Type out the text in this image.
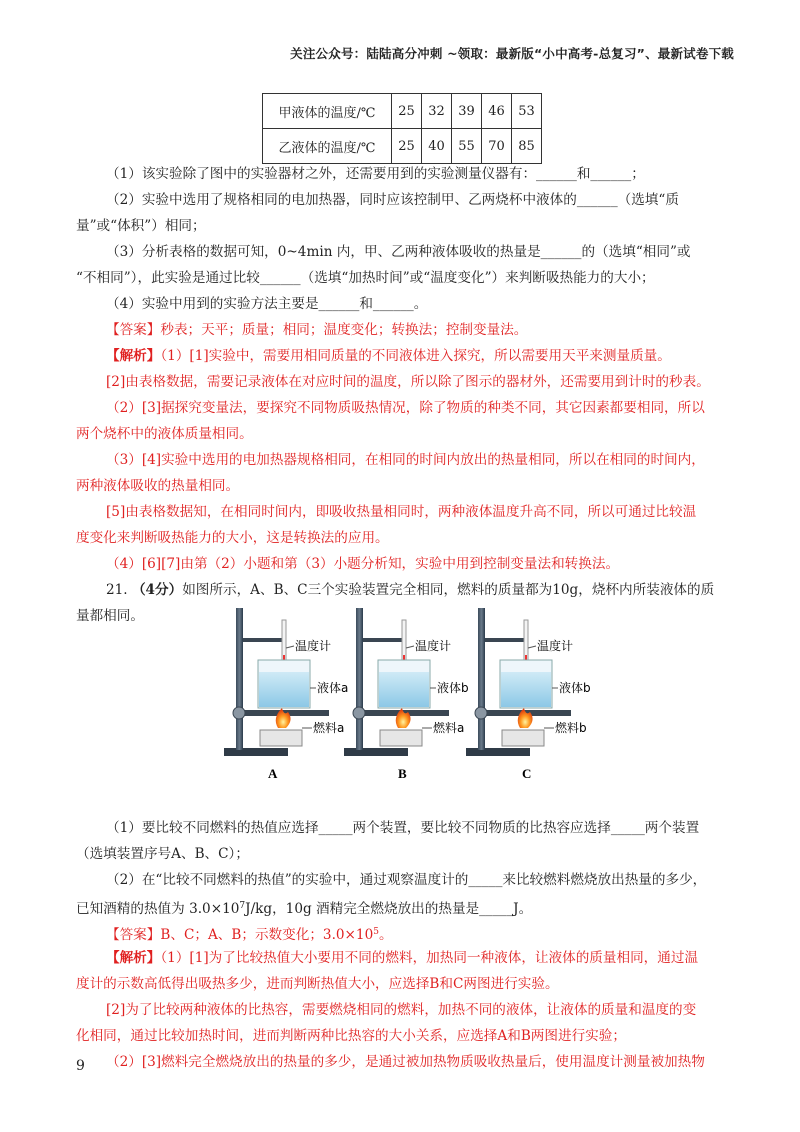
关注公众号：陆陆高分冲刺 ~领取：最新版“小中高考-总复习”、最新试卷下载
甲液体的温度/℃	25	32	39	46	53
乙液体的温度/℃	25	40	55	70	85
（1）该实验除了图中的实验器材之外，还需要用到的实验测量仪器有：______和______；
（2）实验中选用了规格相同的电加热器，同时应该控制甲、乙两烧杯中液体的______（选填“质
量”或“体积”）相同；
（3）分析表格的数据可知，0~4min 内，甲、乙两种液体吸收的热量是______的（选填“相同”或
“不相同”），此实验是通过比较______（选填“加热时间”或“温度变化”）来判断吸热能力的大小；
（4）实验中用到的实验方法主要是______和______。
【答案】秒表；天平；质量；相同；温度变化；转换法；控制变量法。
【解析】（1）[1]实验中，需要用相同质量的不同液体进入探究，所以需要用天平来测量质量。
[2]由表格数据，需要记录液体在对应时间的温度，所以除了图示的器材外，还需要用到计时的秒表。
（2）[3]据探究变量法，要探究不同物质吸热情况，除了物质的种类不同，其它因素都要相同，所以
两个烧杯中的液体质量相同。
（3）[4]实验中选用的电加热器规格相同，在相同的时间内放出的热量相同，所以在相同的时间内，
两种液体吸收的热量相同。
[5]由表格数据知，在相同时间内，即吸收热量相同时，两种液体温度升高不同，所以可通过比较温
度变化来判断吸热能力的大小，这是转换法的应用。
（4）[6][7]由第（2）小题和第（3）小题分析知，实验中用到控制变量法和转换法。
21. （4分）如图所示，A、B、C三个实验装置完全相同，燃料的质量都为10g，烧杯内所装液体的质
量都相同。
温度计
液体a
燃料a
A
温度计
液体b
燃料a
B
温度计
液体b
燃料b
C
（1）要比较不同燃料的热值应选择_____两个装置，要比较不同物质的比热容应选择_____两个装置
（选填装置序号A、B、C）；
（2）在“比较不同燃料的热值”的实验中，通过观察温度计的_____来比较燃料燃烧放出热量的多少，
已知酒精的热值为 $3.0\times 10^7J/kg$，10g 酒精完全燃烧放出的热量是_____J。
【答案】B、C；A、B；示数变化；$3.0\times 10^5$。
【解析】（1）[1]为了比较热值大小要用不同的燃料，加热同一种液体，让液体的质量相同，通过温
度计的示数高低得出吸热多少，进而判断热值大小，应选择B和C两图进行实验。
[2]为了比较两种液体的比热容，需要燃烧相同的燃料，加热不同的液体，让液体的质量和温度的变
化相同，通过比较加热时间，进而判断两种比热容的大小关系，应选择A和B两图进行实验；
（2）[3]燃料完全燃烧放出的热量的多少，是通过被加热物质吸收热量后，使用温度计测量被加热物
9
